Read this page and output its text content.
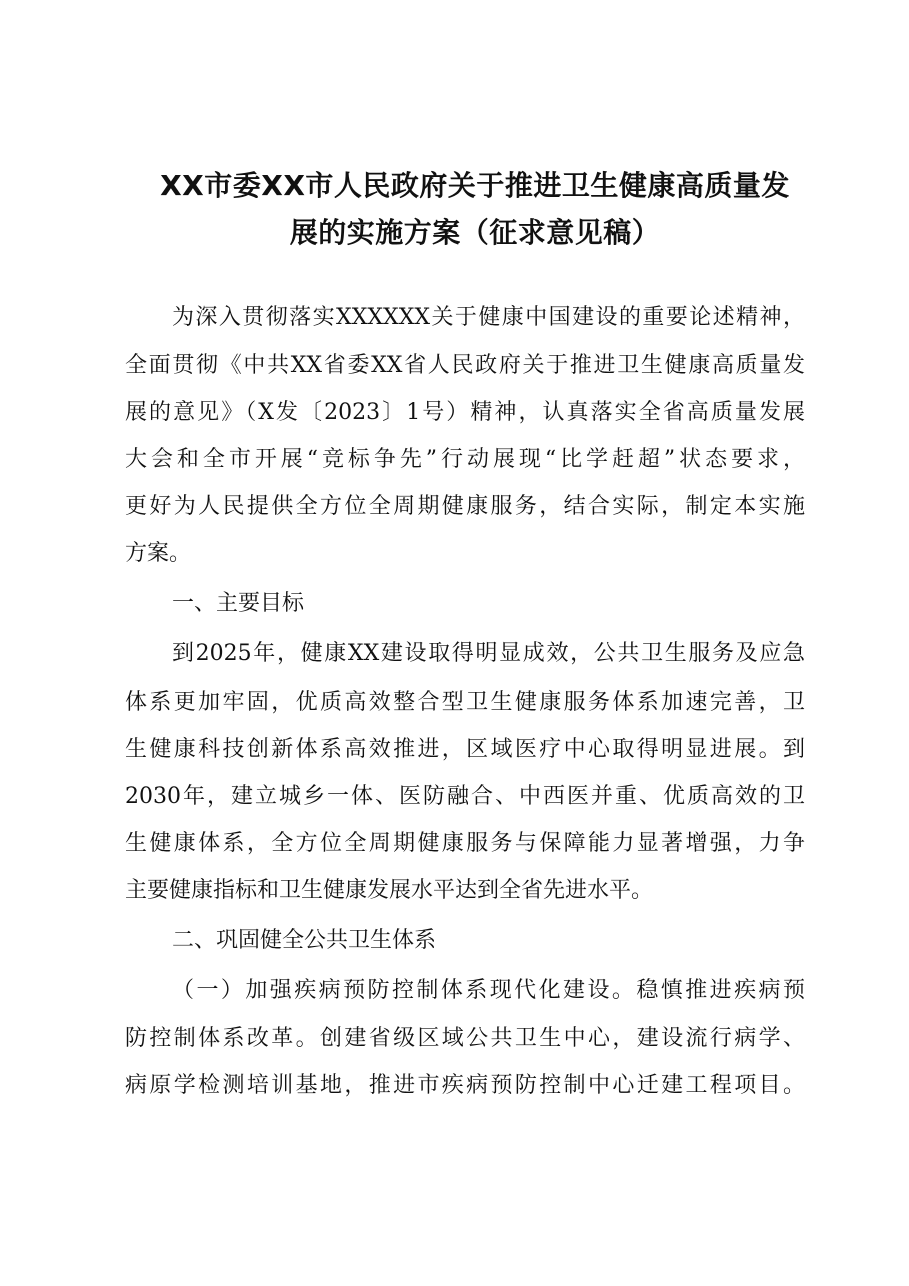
XX市委XX市人民政府关于推进卫生健康高质量发
展的实施方案（征求意见稿）
为深入贯彻落实XXXXXX关于健康中国建设的重要论述精神，
全面贯彻《中共XX省委XX省人民政府关于推进卫生健康高质量发
展的意见》（X发〔2023〕1号）精神，认真落实全省高质量发展
大会和全市开展“竞标争先”行动展现“比学赶超”状态要求，
更好为人民提供全方位全周期健康服务，结合实际，制定本实施
方案。
一、主要目标
到2025年，健康XX建设取得明显成效，公共卫生服务及应急
体系更加牢固，优质高效整合型卫生健康服务体系加速完善，卫
生健康科技创新体系高效推进，区域医疗中心取得明显进展。到
2030年，建立城乡一体、医防融合、中西医并重、优质高效的卫
生健康体系，全方位全周期健康服务与保障能力显著增强，力争
主要健康指标和卫生健康发展水平达到全省先进水平。
二、巩固健全公共卫生体系
（一）加强疾病预防控制体系现代化建设。稳慎推进疾病预
防控制体系改革。创建省级区域公共卫生中心，建设流行病学、
病原学检测培训基地，推进市疾病预防控制中心迁建工程项目。
